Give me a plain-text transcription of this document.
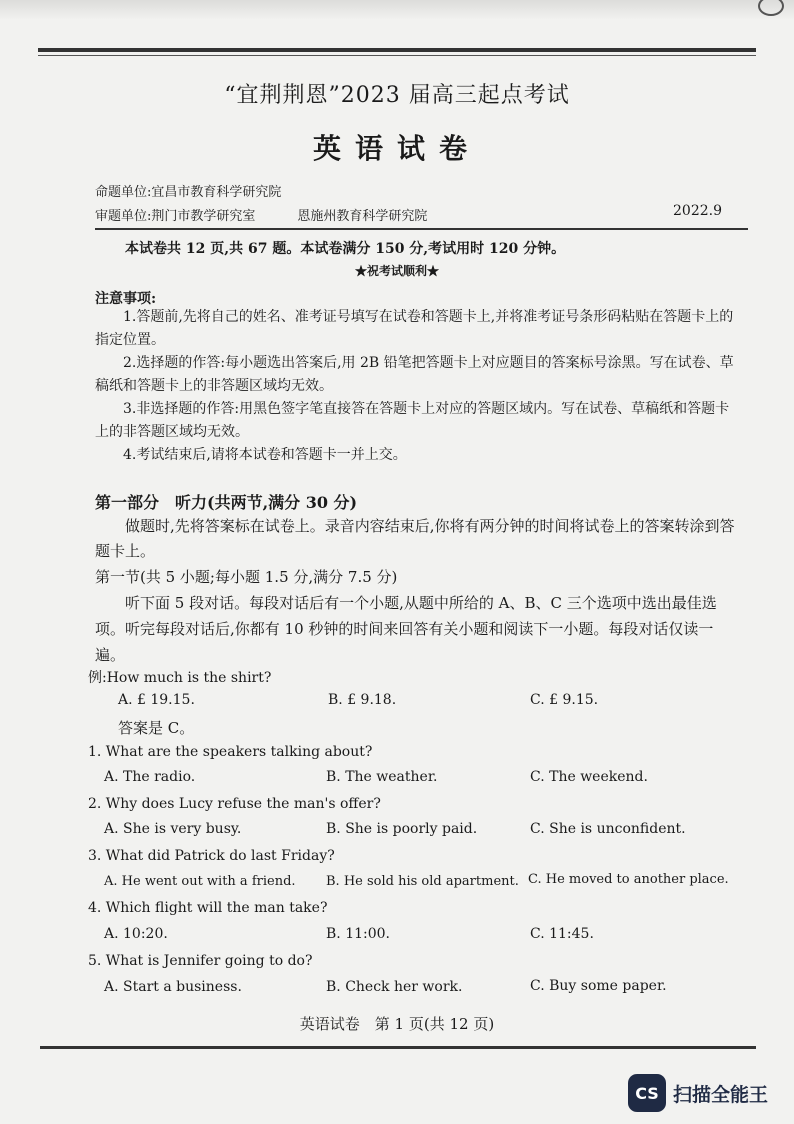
“宜荆荆恩”2023 届高三起点考试
英语试卷
命题单位:宜昌市教育科学研究院
审题单位:荆门市教学研究室	恩施州教育科学研究院	2022.9
本试卷共 12 页,共 67 题。本试卷满分 150 分,考试用时 120 分钟。
★祝考试顺利★
注意事项:
1.答题前,先将自己的姓名、准考证号填写在试卷和答题卡上,并将准考证号条形码粘贴在答题卡上的指定位置。
2.选择题的作答:每小题选出答案后,用 2B 铅笔把答题卡上对应题目的答案标号涂黑。写在试卷、草稿纸和答题卡上的非答题区域均无效。
3.非选择题的作答:用黑色签字笔直接答在答题卡上对应的答题区域内。写在试卷、草稿纸和答题卡上的非答题区域均无效。
4.考试结束后,请将本试卷和答题卡一并上交。
第一部分　听力(共两节,满分 30 分)
做题时,先将答案标在试卷上。录音内容结束后,你将有两分钟的时间将试卷上的答案转涂到答题卡上。
第一节(共 5 小题;每小题 1.5 分,满分 7.5 分)
听下面 5 段对话。每段对话后有一个小题,从题中所给的 A、B、C 三个选项中选出最佳选项。听完每段对话后,你都有 10 秒钟的时间来回答有关小题和阅读下一小题。每段对话仅读一遍。
例:How much is the shirt?
A. £ 19.15.	B. £ 9.18.	C. £ 9.15.
答案是 C。
1. What are the speakers talking about?
A. The radio.	B. The weather.	C. The weekend.
2. Why does Lucy refuse the man's offer?
A. She is very busy.	B. She is poorly paid.	C. She is unconfident.
3. What did Patrick do last Friday?
A. He went out with a friend. B. He sold his old apartment. C. He moved to another place.
4. Which flight will the man take?
A. 10:20.	B. 11:00.	C. 11:45.
5. What is Jennifer going to do?
A. Start a business.	B. Check her work.	C. Buy some paper.
英语试卷　第 1 页(共 12 页)
CS 扫描全能王
